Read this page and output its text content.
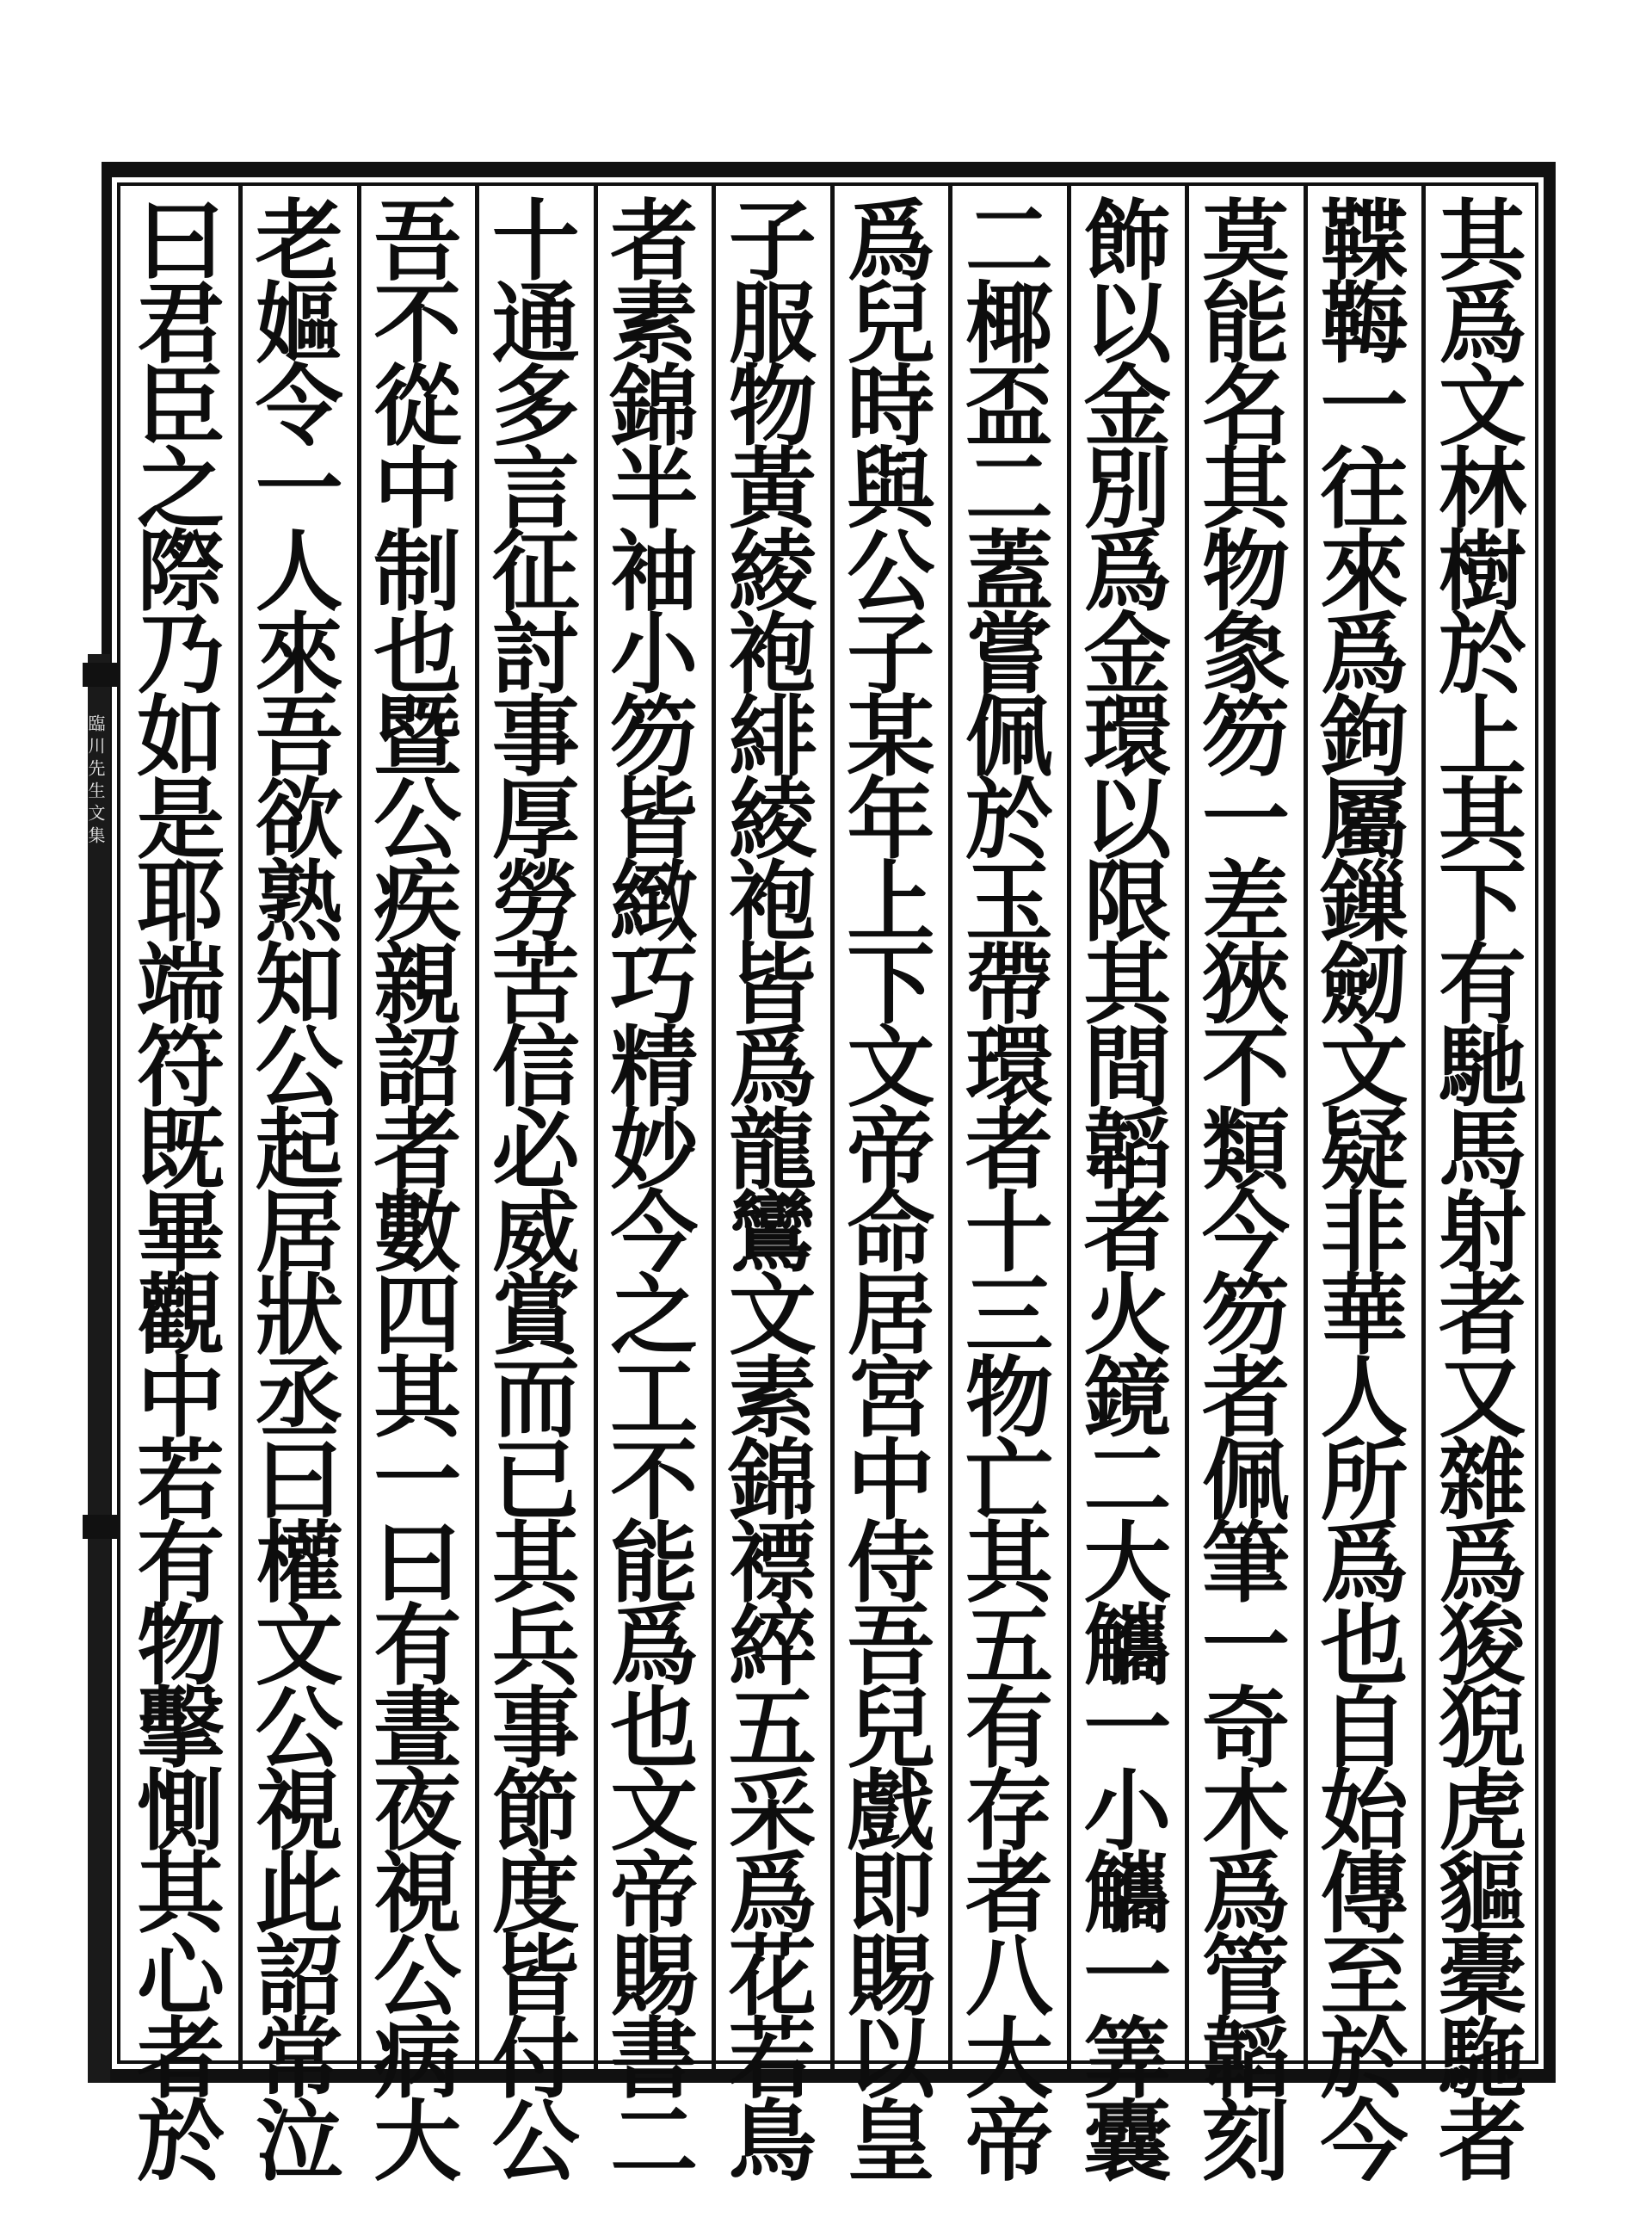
臨川先生文集	其爲文林樹於上其下有馳馬射者又雜爲狻猊虎貙橐駞者
鞢𩊱一往來爲鉤屬鏁劒文疑非華人所爲也自始傳至於今
莫能名其物𧰼笏一差狹不類今笏者佩筆一奇木爲管韜刻
飾以金別爲金環以限其間韜者火鏡二大觿一小觿一筭囊
二椰盃二蓋嘗佩於玉帶環者十三物亡其五有存者八大帝
爲兒時與公子某年上下文帝命居宮中侍吾兒戲即賜以皇
子服物黃綾袍緋綾袍皆爲龍鸞文素錦褾綷五采爲花若鳥
者素錦半袖小笏皆緻巧精妙今之工不能爲也文帝賜書二
十通多言征討事厚勞苦信必威賞而已其兵事節度皆付公
吾不從中制也暨公疾親詔者數四其一曰有晝夜視公病大
老嫗令一人來吾欲熟知公起居狀丞曰權文公視此詔常泣
曰君臣之際乃如是耶端符既畢觀中若有物擊惻其心者於
